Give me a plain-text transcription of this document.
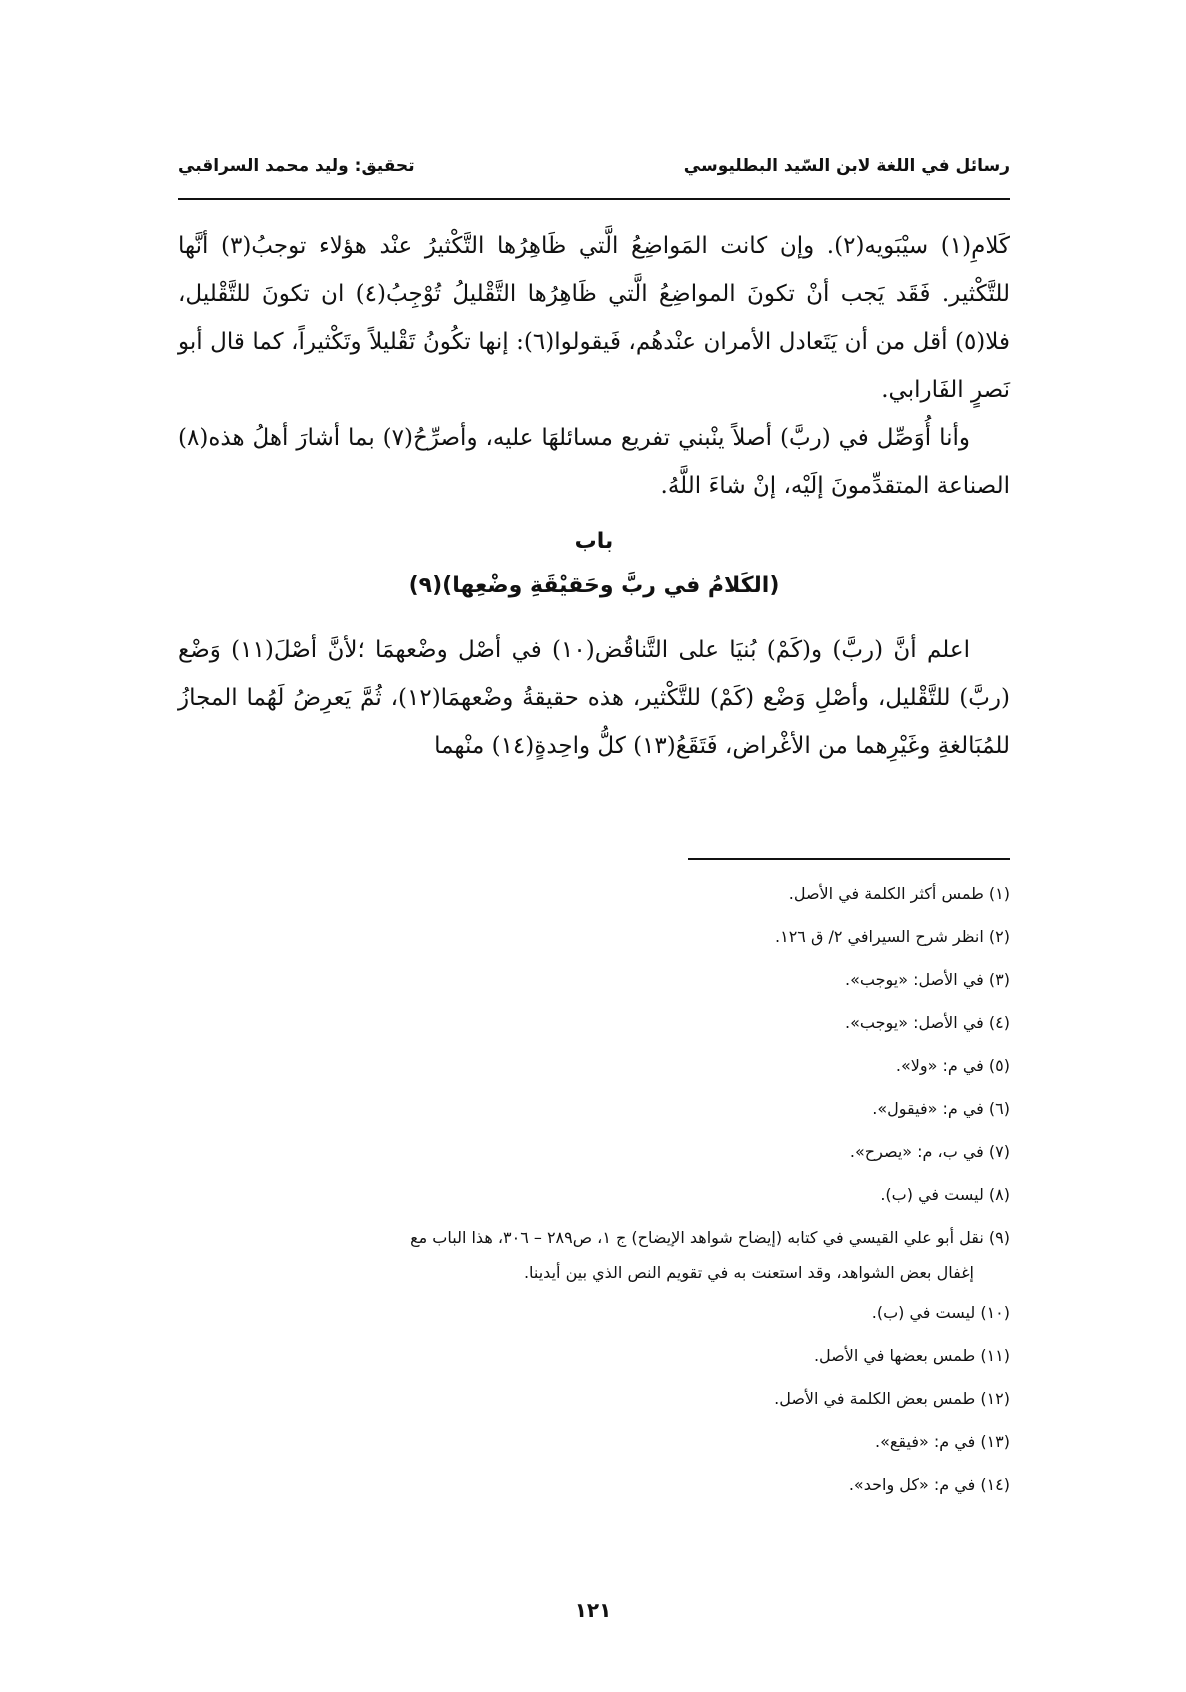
رسائل في اللغة لابن السّيد البطليوسي
تحقيق: وليد محمد السراقبي

كَلامِ(١) سيْبَويه(٢). وإن كانت المَواضِعُ الَّتي ظَاهِرُها التَّكْثيرُ عنْد هؤلاء توجبُ(٣) أنَّها للتَّكْثير. فَقَد يَجب أنْ تكونَ المواضِعُ الَّتي ظَاهِرُها التَّقْليلُ تُوْجِبُ(٤) ان تكونَ للتَّقْليل، فلا(٥) أقل من أن يَتَعادل الأمران عنْدهُم، فَيقولوا(٦): إنها تكُونُ تَقْليلاً وتَكْثيراً، كما قال أبو نَصرٍ الفَارابي.

وأنا أُوَصِّل في (ربَّ) أصلاً ينْبني تفريع مسائلهَا عليه، وأصرِّحُ(٧) بما أشارَ أهلُ هذه(٨) الصناعة المتقدِّمونَ إلَيْه، إنْ شاءَ اللَّهُ.

باب
(الكَلامُ في ربَّ وحَقيْقَةِ وضْعِها)(٩)

اعلم أنَّ (ربَّ) و(كَمْ) بُنيَا على التَّناقُض(١٠) في أصْل وضْعهمَا ؛لأنَّ أصْلَ(١١) وَضْع (ربَّ) للتَّقْليل، وأصْلِ وَضْع (كَمْ) للتَّكْثير، هذه حقيقةُ وضْعهمَا(١٢)، ثُمَّ يَعرِضُ لَهُما المجازُ للمُبَالغةِ وغَيْرِهما من الأغْراض، فَتَقَعُ(١٣) كلُّ واحِدةٍ(١٤) منْهما

(١) طمس أكثر الكلمة في الأصل.
(٢) انظر شرح السيرافي ٢/ ق ١٢٦.
(٣) في الأصل: «يوجب».
(٤) في الأصل: «يوجب».
(٥) في م: «ولا».
(٦) في م: «فيقول».
(٧) في ب، م: «يصرح».
(٨) ليست في (ب).
(٩) نقل أبو علي القيسي في كتابه (إيضاح شواهد الإيضاح) ج ١، ص٢٨٩ – ٣٠٦، هذا الباب مع
إغفال بعض الشواهد، وقد استعنت به في تقويم النص الذي بين أيدينا.
(١٠) ليست في (ب).
(١١) طمس بعضها في الأصل.
(١٢) طمس بعض الكلمة في الأصل.
(١٣) في م: «فيقع».
(١٤) في م: «كل واحد».
١٢١
